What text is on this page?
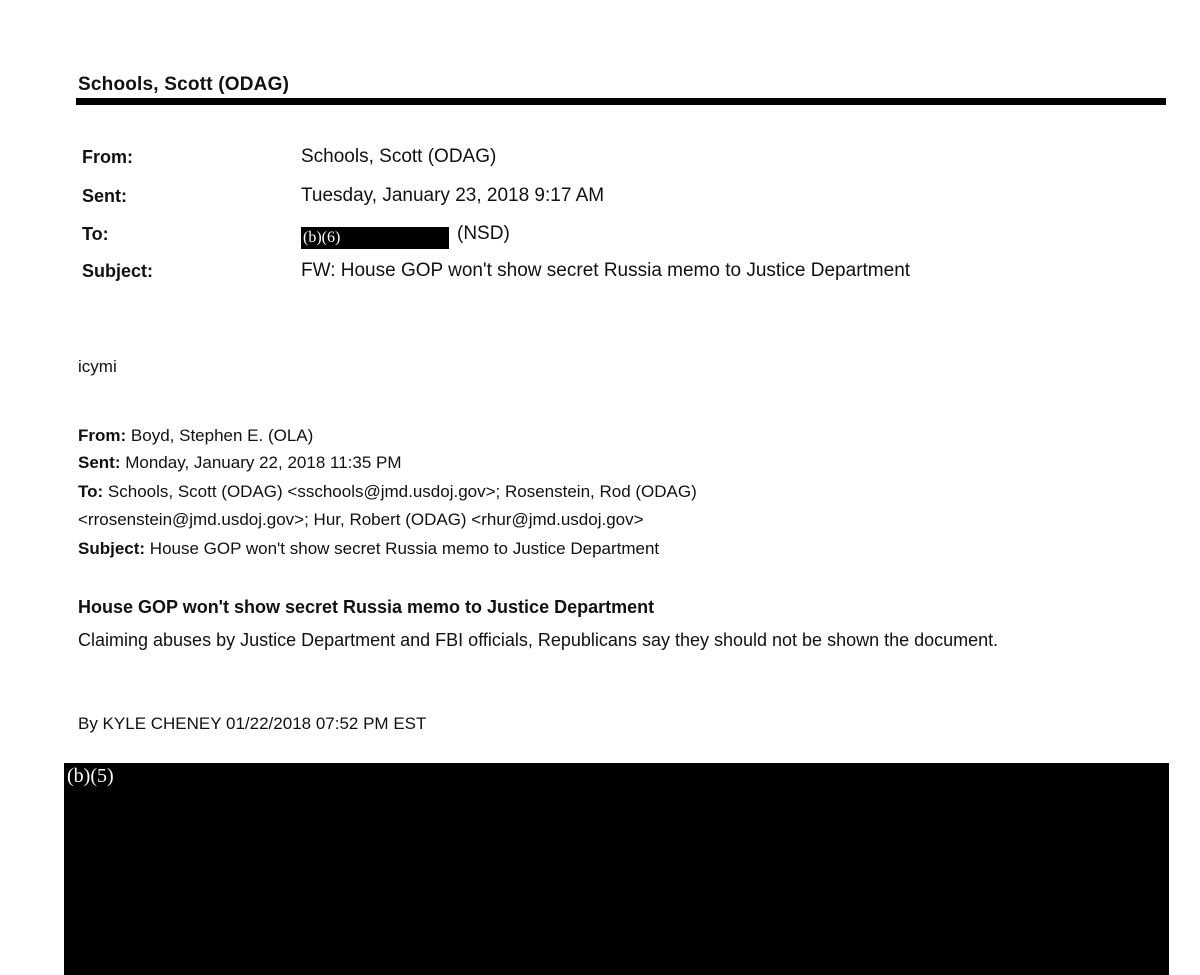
Schools, Scott (ODAG)
From:	Schools, Scott (ODAG)
Sent:	Tuesday, January 23, 2018 9:17 AM
To:	(b)(6)	(NSD)
Subject:	FW: House GOP won't show secret Russia memo to Justice Department
icymi
From: Boyd, Stephen E. (OLA)
Sent: Monday, January 22, 2018 11:35 PM
To: Schools, Scott (ODAG) <sschools@jmd.usdoj.gov>; Rosenstein, Rod (ODAG)
<rrosenstein@jmd.usdoj.gov>; Hur, Robert (ODAG) <rhur@jmd.usdoj.gov>
Subject: House GOP won't show secret Russia memo to Justice Department
House GOP won't show secret Russia memo to Justice Department
Claiming abuses by Justice Department and FBI officials, Republicans say they should not be shown the document.
By KYLE CHENEY 01/22/2018 07:52 PM EST
(b)(5)
